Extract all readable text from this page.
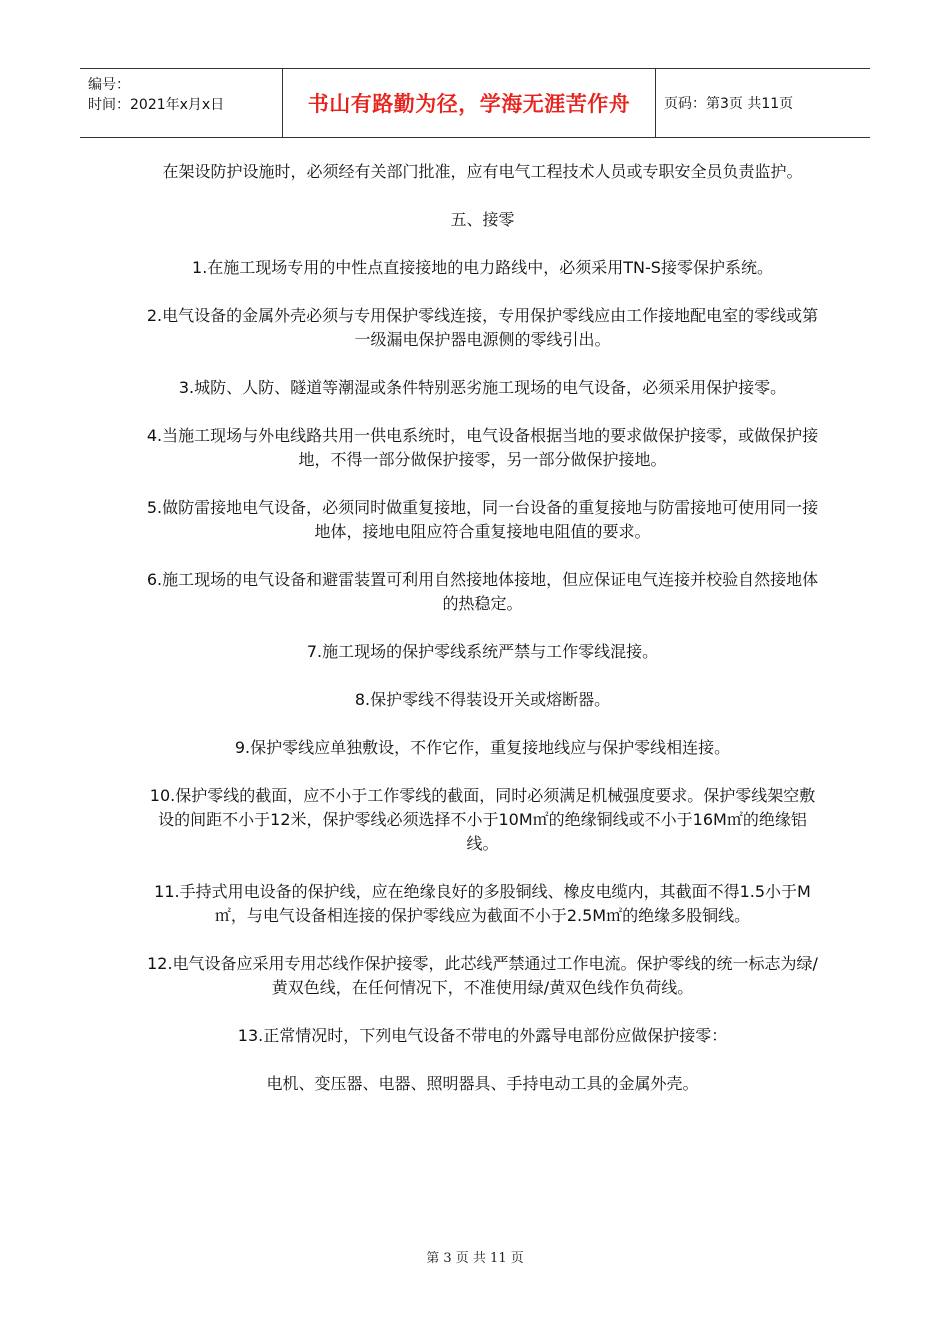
编号：
时间：2021年x月x日	书山有路勤为径，学海无涯苦作舟	页码：第3页 共11页

在架设防护设施时，必须经有关部门批准，应有电气工程技术人员或专职安全员负责监护。

五、接零

1.在施工现场专用的中性点直接接地的电力路线中，必须采用TN-S接零保护系统。

2.电气设备的金属外壳必须与专用保护零线连接，专用保护零线应由工作接地配电室的零线或第一级漏电保护器电源侧的零线引出。

3.城防、人防、隧道等潮湿或条件特别恶劣施工现场的电气设备，必须采用保护接零。

4.当施工现场与外电线路共用一供电系统时，电气设备根据当地的要求做保护接零，或做保护接地，不得一部分做保护接零，另一部分做保护接地。

5.做防雷接地电气设备，必须同时做重复接地，同一台设备的重复接地与防雷接地可使用同一接地体，接地电阻应符合重复接地电阻值的要求。

6.施工现场的电气设备和避雷装置可利用自然接地体接地，但应保证电气连接并校验自然接地体的热稳定。

7.施工现场的保护零线系统严禁与工作零线混接。

8.保护零线不得装设开关或熔断器。

9.保护零线应单独敷设，不作它作，重复接地线应与保护零线相连接。

10.保护零线的截面，应不小于工作零线的截面，同时必须满足机械强度要求。保护零线架空敷设的间距不小于12米，保护零线必须选择不小于10M㎡的绝缘铜线或不小于16M㎡的绝缘铝线。

11.手持式用电设备的保护线，应在绝缘良好的多股铜线、橡皮电缆内，其截面不得1.5小于M㎡，与电气设备相连接的保护零线应为截面不小于2.5M㎡的绝缘多股铜线。

12.电气设备应采用专用芯线作保护接零，此芯线严禁通过工作电流。保护零线的统一标志为绿/黄双色线，在任何情况下，不准使用绿/黄双色线作负荷线。

13.正常情况时，下列电气设备不带电的外露导电部份应做保护接零：

电机、变压器、电器、照明器具、手持电动工具的金属外壳。

第 3 页 共 11 页
